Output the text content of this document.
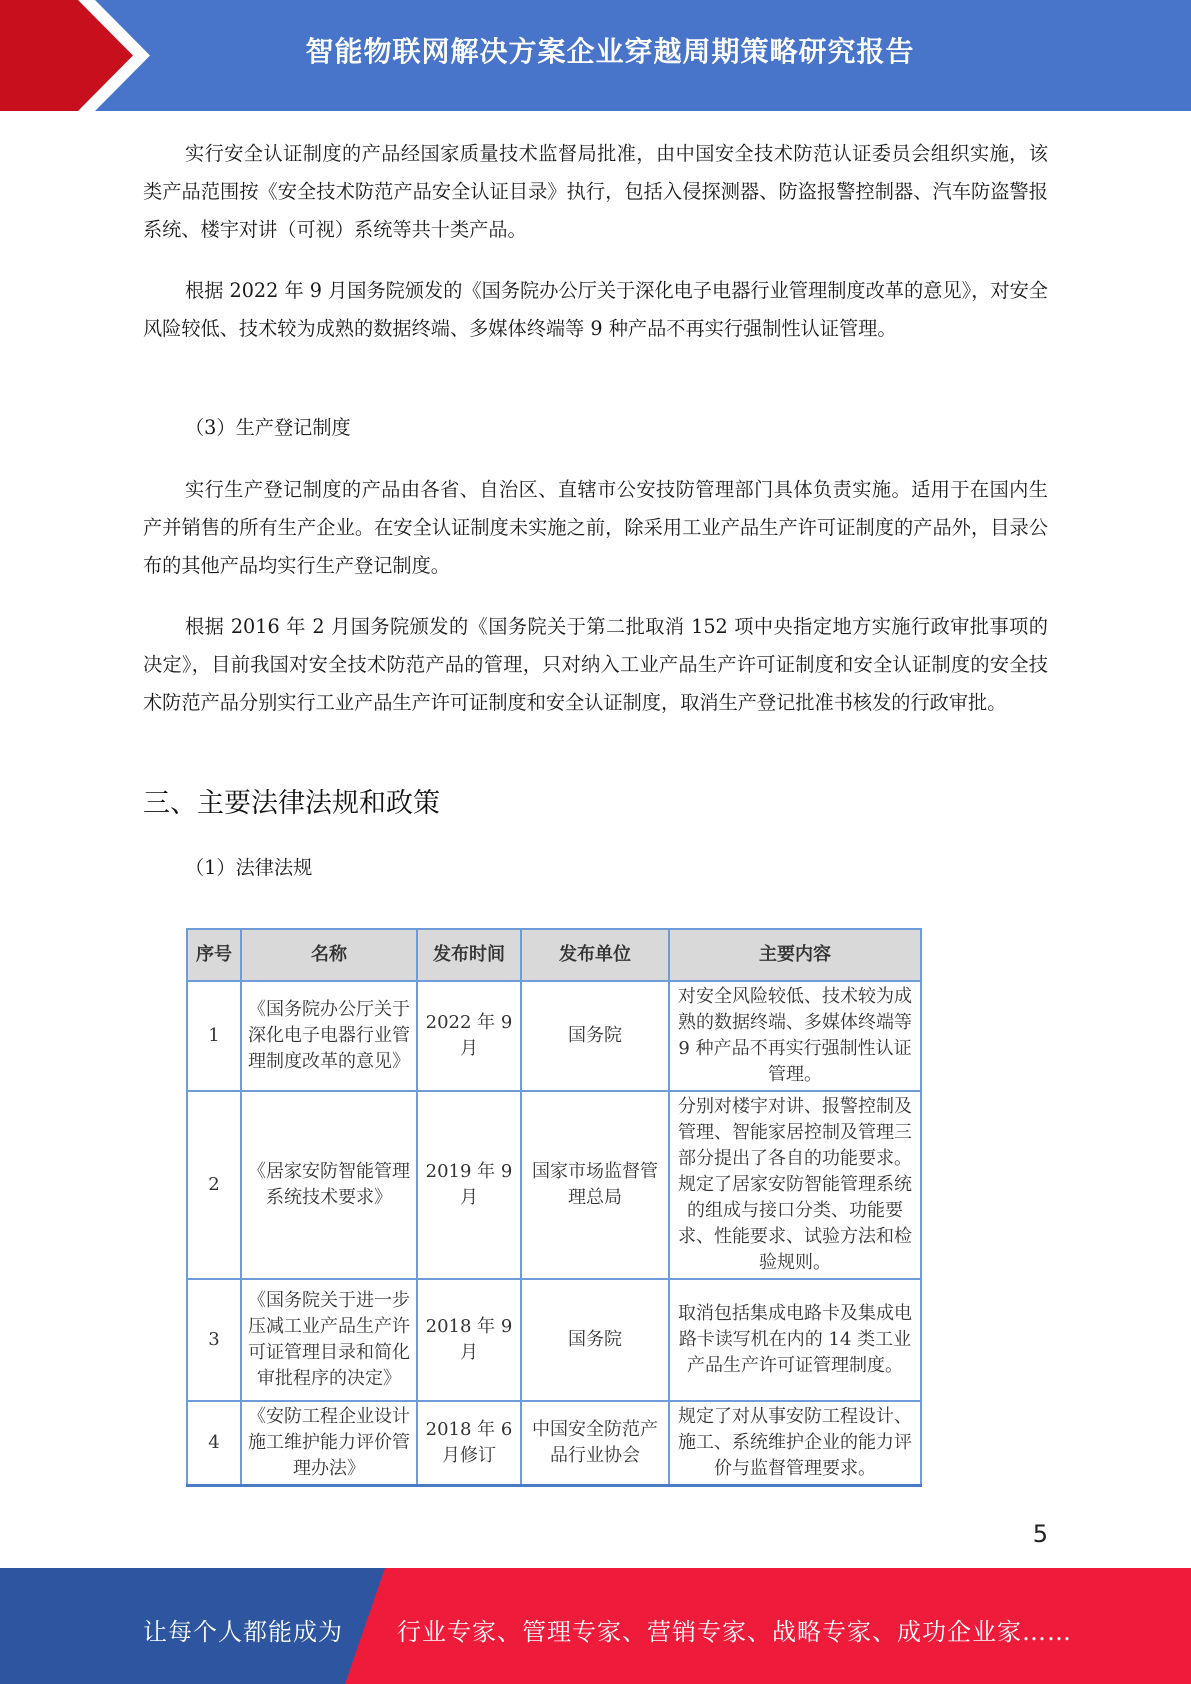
智能物联网解决方案企业穿越周期策略研究报告
实行安全认证制度的产品经国家质量技术监督局批准，由中国安全技术防范认证委员会组织实施，该类产品范围按《安全技术防范产品安全认证目录》执行，包括入侵探测器、防盗报警控制器、汽车防盗警报系统、楼宇对讲（可视）系统等共十类产品。
根据 2022 年 9 月国务院颁发的《国务院办公厅关于深化电子电器行业管理制度改革的意见》，对安全风险较低、技术较为成熟的数据终端、多媒体终端等 9 种产品不再实行强制性认证管理。
（3）生产登记制度
实行生产登记制度的产品由各省、自治区、直辖市公安技防管理部门具体负责实施。适用于在国内生产并销售的所有生产企业。在安全认证制度未实施之前，除采用工业产品生产许可证制度的产品外，目录公布的其他产品均实行生产登记制度。
根据 2016 年 2 月国务院颁发的《国务院关于第二批取消 152 项中央指定地方实施行政审批事项的决定》，目前我国对安全技术防范产品的管理，只对纳入工业产品生产许可证制度和安全认证制度的安全技术防范产品分别实行工业产品生产许可证制度和安全认证制度，取消生产登记批准书核发的行政审批。
三、主要法律法规和政策
（1）法律法规
序号	名称	发布时间	发布单位	主要内容
1	《国务院办公厅关于深化电子电器行业管理制度改革的意见》	2022 年 9 月	国务院	对安全风险较低、技术较为成熟的数据终端、多媒体终端等 9 种产品不再实行强制性认证管理。
2	《居家安防智能管理系统技术要求》	2019 年 9 月	国家市场监督管理总局	分别对楼宇对讲、报警控制及管理、智能家居控制及管理三部分提出了各自的功能要求。规定了居家安防智能管理系统的组成与接口分类、功能要求、性能要求、试验方法和检验规则。
3	《国务院关于进一步压减工业产品生产许可证管理目录和简化审批程序的决定》	2018 年 9 月	国务院	取消包括集成电路卡及集成电路卡读写机在内的 14 类工业产品生产许可证管理制度。
4	《安防工程企业设计施工维护能力评价管理办法》	2018 年 6 月修订	中国安全防范产品行业协会	规定了对从事安防工程设计、施工、系统维护企业的能力评价与监督管理要求。
5
让每个人都能成为 行业专家、管理专家、营销专家、战略专家、成功企业家……
